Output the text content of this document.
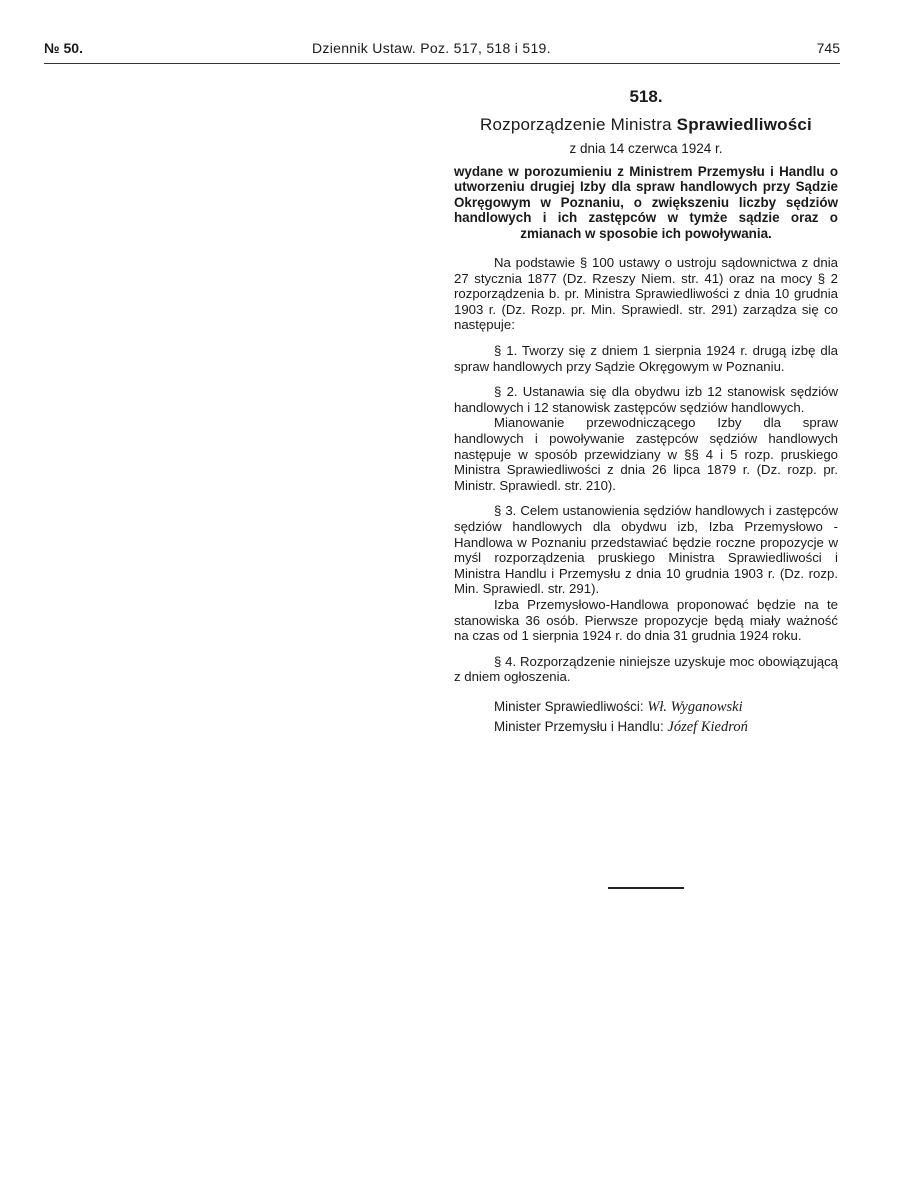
№ 50.	Dziennik Ustaw. Poz. 517, 518 i 519.	745
518.
Rozporządzenie Ministra Sprawiedliwości
z dnia 14 czerwca 1924 r.
wydane w porozumieniu z Ministrem Przemysłu i Handlu o utworzeniu drugiej Izby dla spraw handlowych przy Sądzie Okręgowym w Poznaniu, o zwiększeniu liczby sędziów handlowych i ich zastępców w tymże sądzie oraz o zmianach w sposobie ich powoływania.

Na podstawie § 100 ustawy o ustroju sądownictwa z dnia 27 stycznia 1877 (Dz. Rzeszy Niem. str. 41) oraz na mocy § 2 rozporządzenia b. pr. Ministra Sprawiedliwości z dnia 10 grudnia 1903 r. (Dz. Rozp. pr. Min. Sprawiedl. str. 291) zarządza się co następuje:

§ 1. Tworzy się z dniem 1 sierpnia 1924 r. drugą izbę dla spraw handlowych przy Sądzie Okręgowym w Poznaniu.

§ 2. Ustanawia się dla obydwu izb 12 stanowisk sędziów handlowych i 12 stanowisk zastępców sędziów handlowych.

Mianowanie przewodniczącego Izby dla spraw handlowych i powoływanie zastępców sędziów handlowych następuje w sposób przewidziany w §§ 4 i 5 rozp. pruskiego Ministra Sprawiedliwości z dnia 26 lipca 1879 r. (Dz. rozp. pr. Ministr. Sprawiedl. str. 210).

§ 3. Celem ustanowienia sędziów handlowych i zastępców sędziów handlowych dla obydwu izb, Izba Przemysłowo - Handlowa w Poznaniu przedstawiać będzie roczne propozycje w myśl rozporządzenia pruskiego Ministra Sprawiedliwości i Ministra Handlu i Przemysłu z dnia 10 grudnia 1903 r. (Dz. rozp. Min. Sprawiedl. str. 291).

Izba Przemysłowo-Handlowa proponować będzie na te stanowiska 36 osób. Pierwsze propozycje będą miały ważność na czas od 1 sierpnia 1924 r. do dnia 31 grudnia 1924 roku.

§ 4. Rozporządzenie niniejsze uzyskuje moc obowiązującą z dniem ogłoszenia.

Minister Sprawiedliwości: Wł. Wyganowski
Minister Przemysłu i Handlu: Józef Kiedroń
